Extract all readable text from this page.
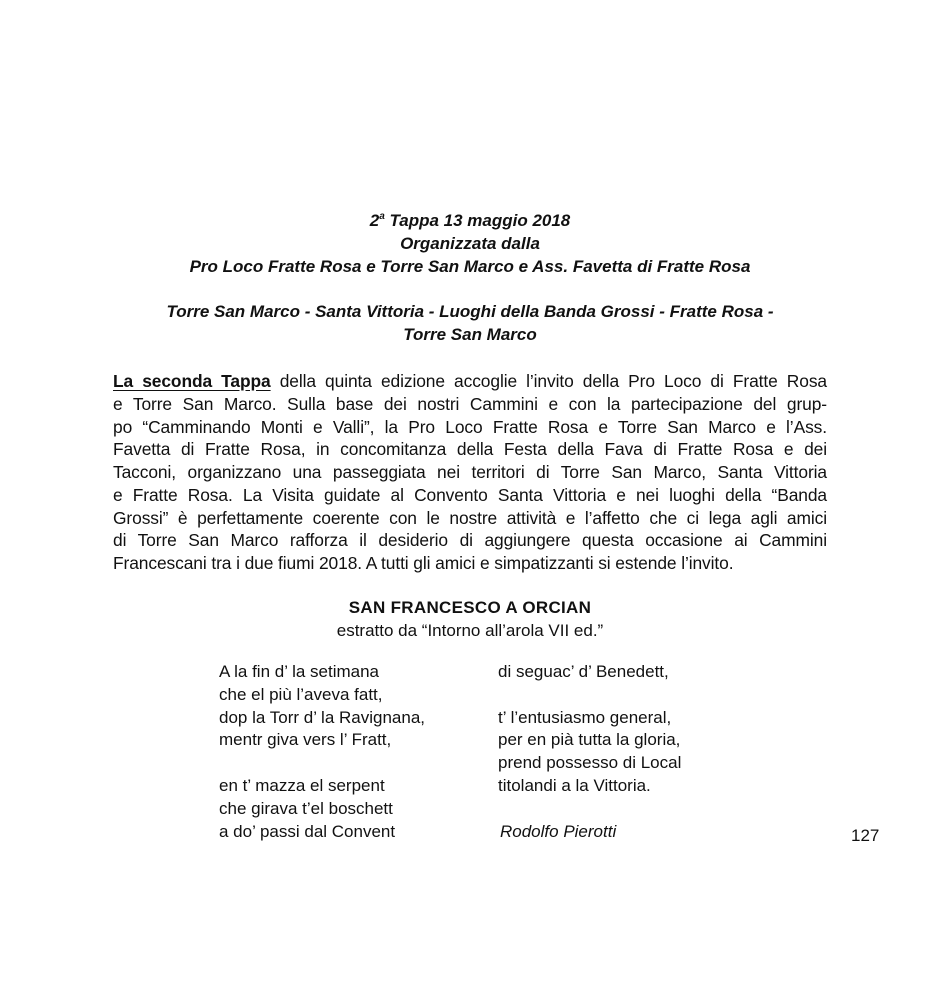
2$^a$ Tappa 13 maggio 2018
Organizzata dalla
Pro Loco Fratte Rosa e Torre San Marco e Ass. Favetta di Fratte Rosa
Torre San Marco - Santa Vittoria - Luoghi della Banda Grossi - Fratte Rosa -
Torre San Marco
La seconda Tappa della quinta edizione accoglie l’invito della Pro Loco di Fratte Rosa
e Torre San Marco. Sulla base dei nostri Cammini e con la partecipazione del grup-
po “Camminando Monti e Valli”, la Pro Loco Fratte Rosa e Torre San Marco e l’Ass.
Favetta di Fratte Rosa, in concomitanza della Festa della Fava di Fratte Rosa e dei
Tacconi, organizzano una passeggiata nei territori di Torre San Marco, Santa Vittoria
e Fratte Rosa. La Visita guidate al Convento Santa Vittoria e nei luoghi della “Banda
Grossi” è perfettamente coerente con le nostre attività e l’affetto che ci lega agli amici
di Torre San Marco rafforza il desiderio di aggiungere questa occasione ai Cammini
Francescani tra i due fiumi 2018. A tutti gli amici e simpatizzanti si estende l’invito.
SAN FRANCESCO A ORCIAN
estratto da “Intorno all’arola VII ed.”
A la fin d’ la setimana
che el più l’aveva fatt,
dop la Torr d’ la Ravignana,
mentr giva vers l’ Fratt,
en t’ mazza el serpent
che girava t’el boschett
a do’ passi dal Convent
di seguac’ d’ Benedett,
t’ l’entusiasmo general,
per en pià tutta la gloria,
prend possesso di Local
titolandi a la Vittoria.
Rodolfo Pierotti	127
